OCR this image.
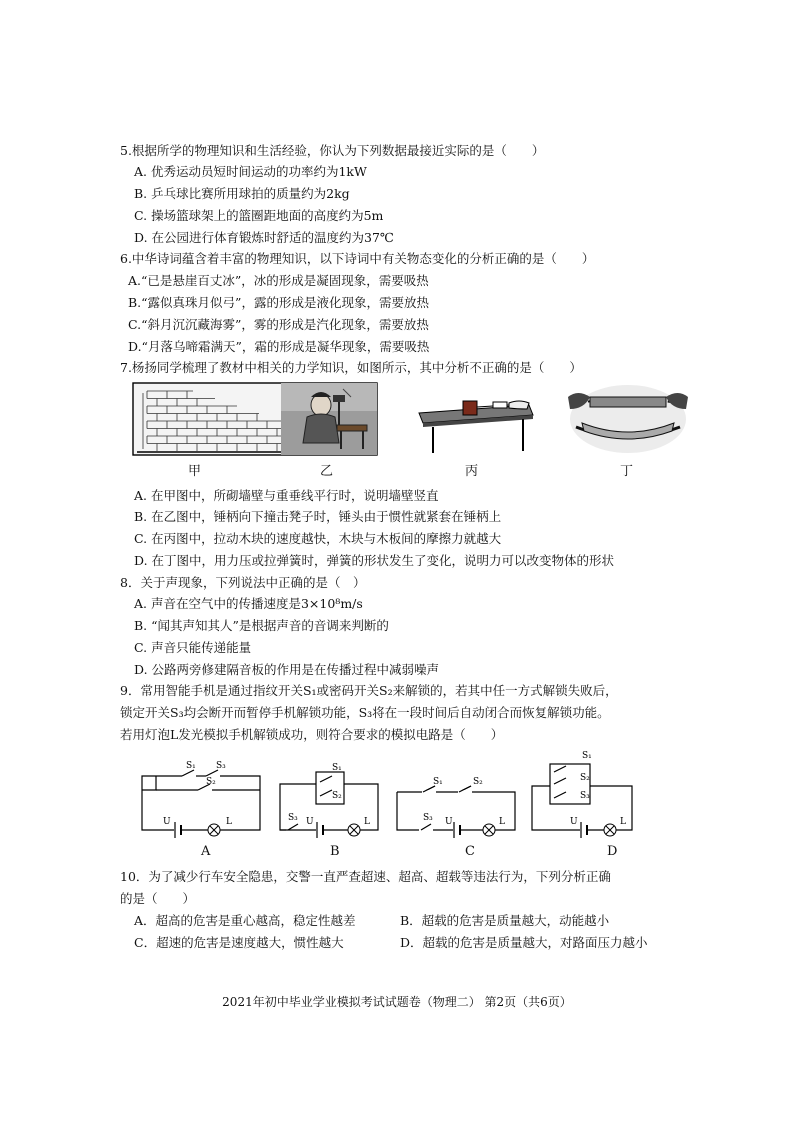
5.根据所学的物理知识和生活经验，你认为下列数据最接近实际的是（　　）
A. 优秀运动员短时间运动的功率约为1kW
B. 乒乓球比赛所用球拍的质量约为2kg
C. 操场篮球架上的篮圈距地面的高度约为5m
D. 在公园进行体育锻炼时舒适的温度约为37℃
6.中华诗词蕴含着丰富的物理知识，以下诗词中有关物态变化的分析正确的是（　　）
A.“已是悬崖百丈冰”，冰的形成是凝固现象，需要吸热
B.“露似真珠月似弓”，露的形成是液化现象，需要放热
C.“斜月沉沉藏海雾”，雾的形成是汽化现象，需要放热
D.“月落乌啼霜满天”，霜的形成是凝华现象，需要吸热
7.杨扬同学梳理了教材中相关的力学知识，如图所示，其中分析不正确的是（　　）
甲	乙	丙	丁
A. 在甲图中，所砌墙壁与重垂线平行时，说明墙壁竖直
B. 在乙图中，锤柄向下撞击凳子时，锤头由于惯性就紧套在锤柄上
C. 在丙图中，拉动木块的速度越快，木块与木板间的摩擦力就越大
D. 在丁图中，用力压或拉弹簧时，弹簧的形状发生了变化，说明力可以改变物体的形状
8．关于声现象，下列说法中正确的是（　）
A. 声音在空气中的传播速度是3×10⁸m/s
B. “闻其声知其人”是根据声音的音调来判断的
C. 声音只能传递能量
D. 公路两旁修建隔音板的作用是在传播过程中减弱噪声
9．常用智能手机是通过指纹开关S₁或密码开关S₂来解锁的，若其中任一方式解锁失败后，
锁定开关S₃均会断开而暂停手机解锁功能，S₃将在一段时间后自动闭合而恢复解锁功能。
若用灯泡L发光模拟手机解锁成功，则符合要求的模拟电路是（　　）
S₁ S₃
S₂
U	L
S₁
S₂
S₃ U	L
S₁	S₂
S₃ U	L
S₁
S₂
S₃
U	L
A	B	C	D
10．为了减少行车安全隐患，交警一直严查超速、超高、超载等违法行为，下列分析正确
的是（　　）
A．超高的危害是重心越高，稳定性越差	B．超载的危害是质量越大，动能越小
C．超速的危害是速度越大，惯性越大	D．超载的危害是质量越大，对路面压力越小
2021年初中毕业学业模拟考试试题卷（物理二） 第2页（共6页）
